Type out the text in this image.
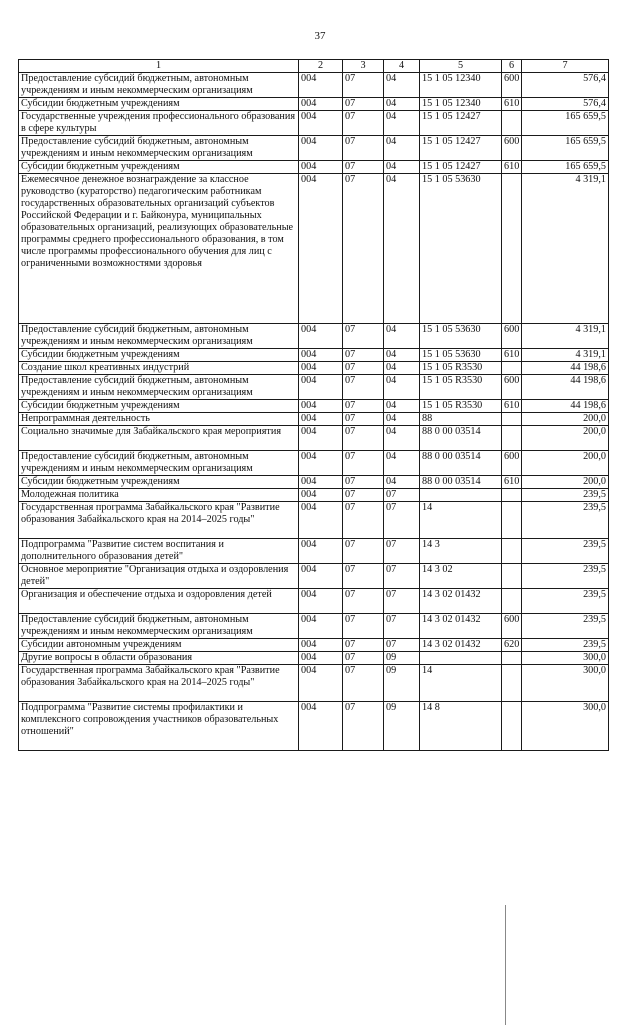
37
1	2	3	4	5	6	7
Предоставление субсидий бюджетным, автономным учреждениям и иным некоммерческим организациям	004	07	04	15 1 05 12340	600	576,4
Субсидии бюджетным учреждениям	004	07	04	15 1 05 12340	610	576,4
Государственные учреждения профессионального образования в сфере культуры	004	07	04	15 1 05 12427		165 659,5
Предоставление субсидий бюджетным, автономным учреждениям и иным некоммерческим организациям	004	07	04	15 1 05 12427	600	165 659,5
Субсидии бюджетным учреждениям	004	07	04	15 1 05 12427	610	165 659,5
Ежемесячное денежное вознаграждение за классное руководство (кураторство) педагогическим работникам государственных образовательных организаций субъектов Российской Федерации и г. Байконура, муниципальных образовательных организаций, реализующих образовательные программы среднего профессионального образования, в том числе программы профессионального обучения для лиц с ограниченными возможностями здоровья	004	07	04	15 1 05 53630		4 319,1
Предоставление субсидий бюджетным, автономным учреждениям и иным некоммерческим организациям	004	07	04	15 1 05 53630	600	4 319,1
Субсидии бюджетным учреждениям	004	07	04	15 1 05 53630	610	4 319,1
Создание школ креативных индустрий	004	07	04	15 1 05 R3530		44 198,6
Предоставление субсидий бюджетным, автономным учреждениям и иным некоммерческим организациям	004	07	04	15 1 05 R3530	600	44 198,6
Субсидии бюджетным учреждениям	004	07	04	15 1 05 R3530	610	44 198,6
Непрограммная деятельность	004	07	04	88		200,0
Социально значимые для Забайкальского края мероприятия	004	07	04	88 0 00 03514		200,0
Предоставление субсидий бюджетным, автономным учреждениям и иным некоммерческим организациям	004	07	04	88 0 00 03514	600	200,0
Субсидии бюджетным учреждениям	004	07	04	88 0 00 03514	610	200,0
Молодежная политика	004	07	07			239,5
Государственная программа Забайкальского края "Развитие образования Забайкальского края на 2014–2025 годы"	004	07	07	14		239,5
Подпрограмма "Развитие систем воспитания и дополнительного образования детей"	004	07	07	14 3		239,5
Основное мероприятие "Организация отдыха и оздоровления детей"	004	07	07	14 3 02		239,5
Организация и обеспечение отдыха и оздоровления детей	004	07	07	14 3 02 01432		239,5
Предоставление субсидий бюджетным, автономным учреждениям и иным некоммерческим организациям	004	07	07	14 3 02 01432	600	239,5
Субсидии автономным учреждениям	004	07	07	14 3 02 01432	620	239,5
Другие вопросы в области образования	004	07	09			300,0
Государственная программа Забайкальского края "Развитие образования Забайкальского края на 2014–2025 годы"	004	07	09	14		300,0
Подпрограмма "Развитие системы профилактики и комплексного сопровождения участников образовательных отношений"	004	07	09	14 8		300,0
